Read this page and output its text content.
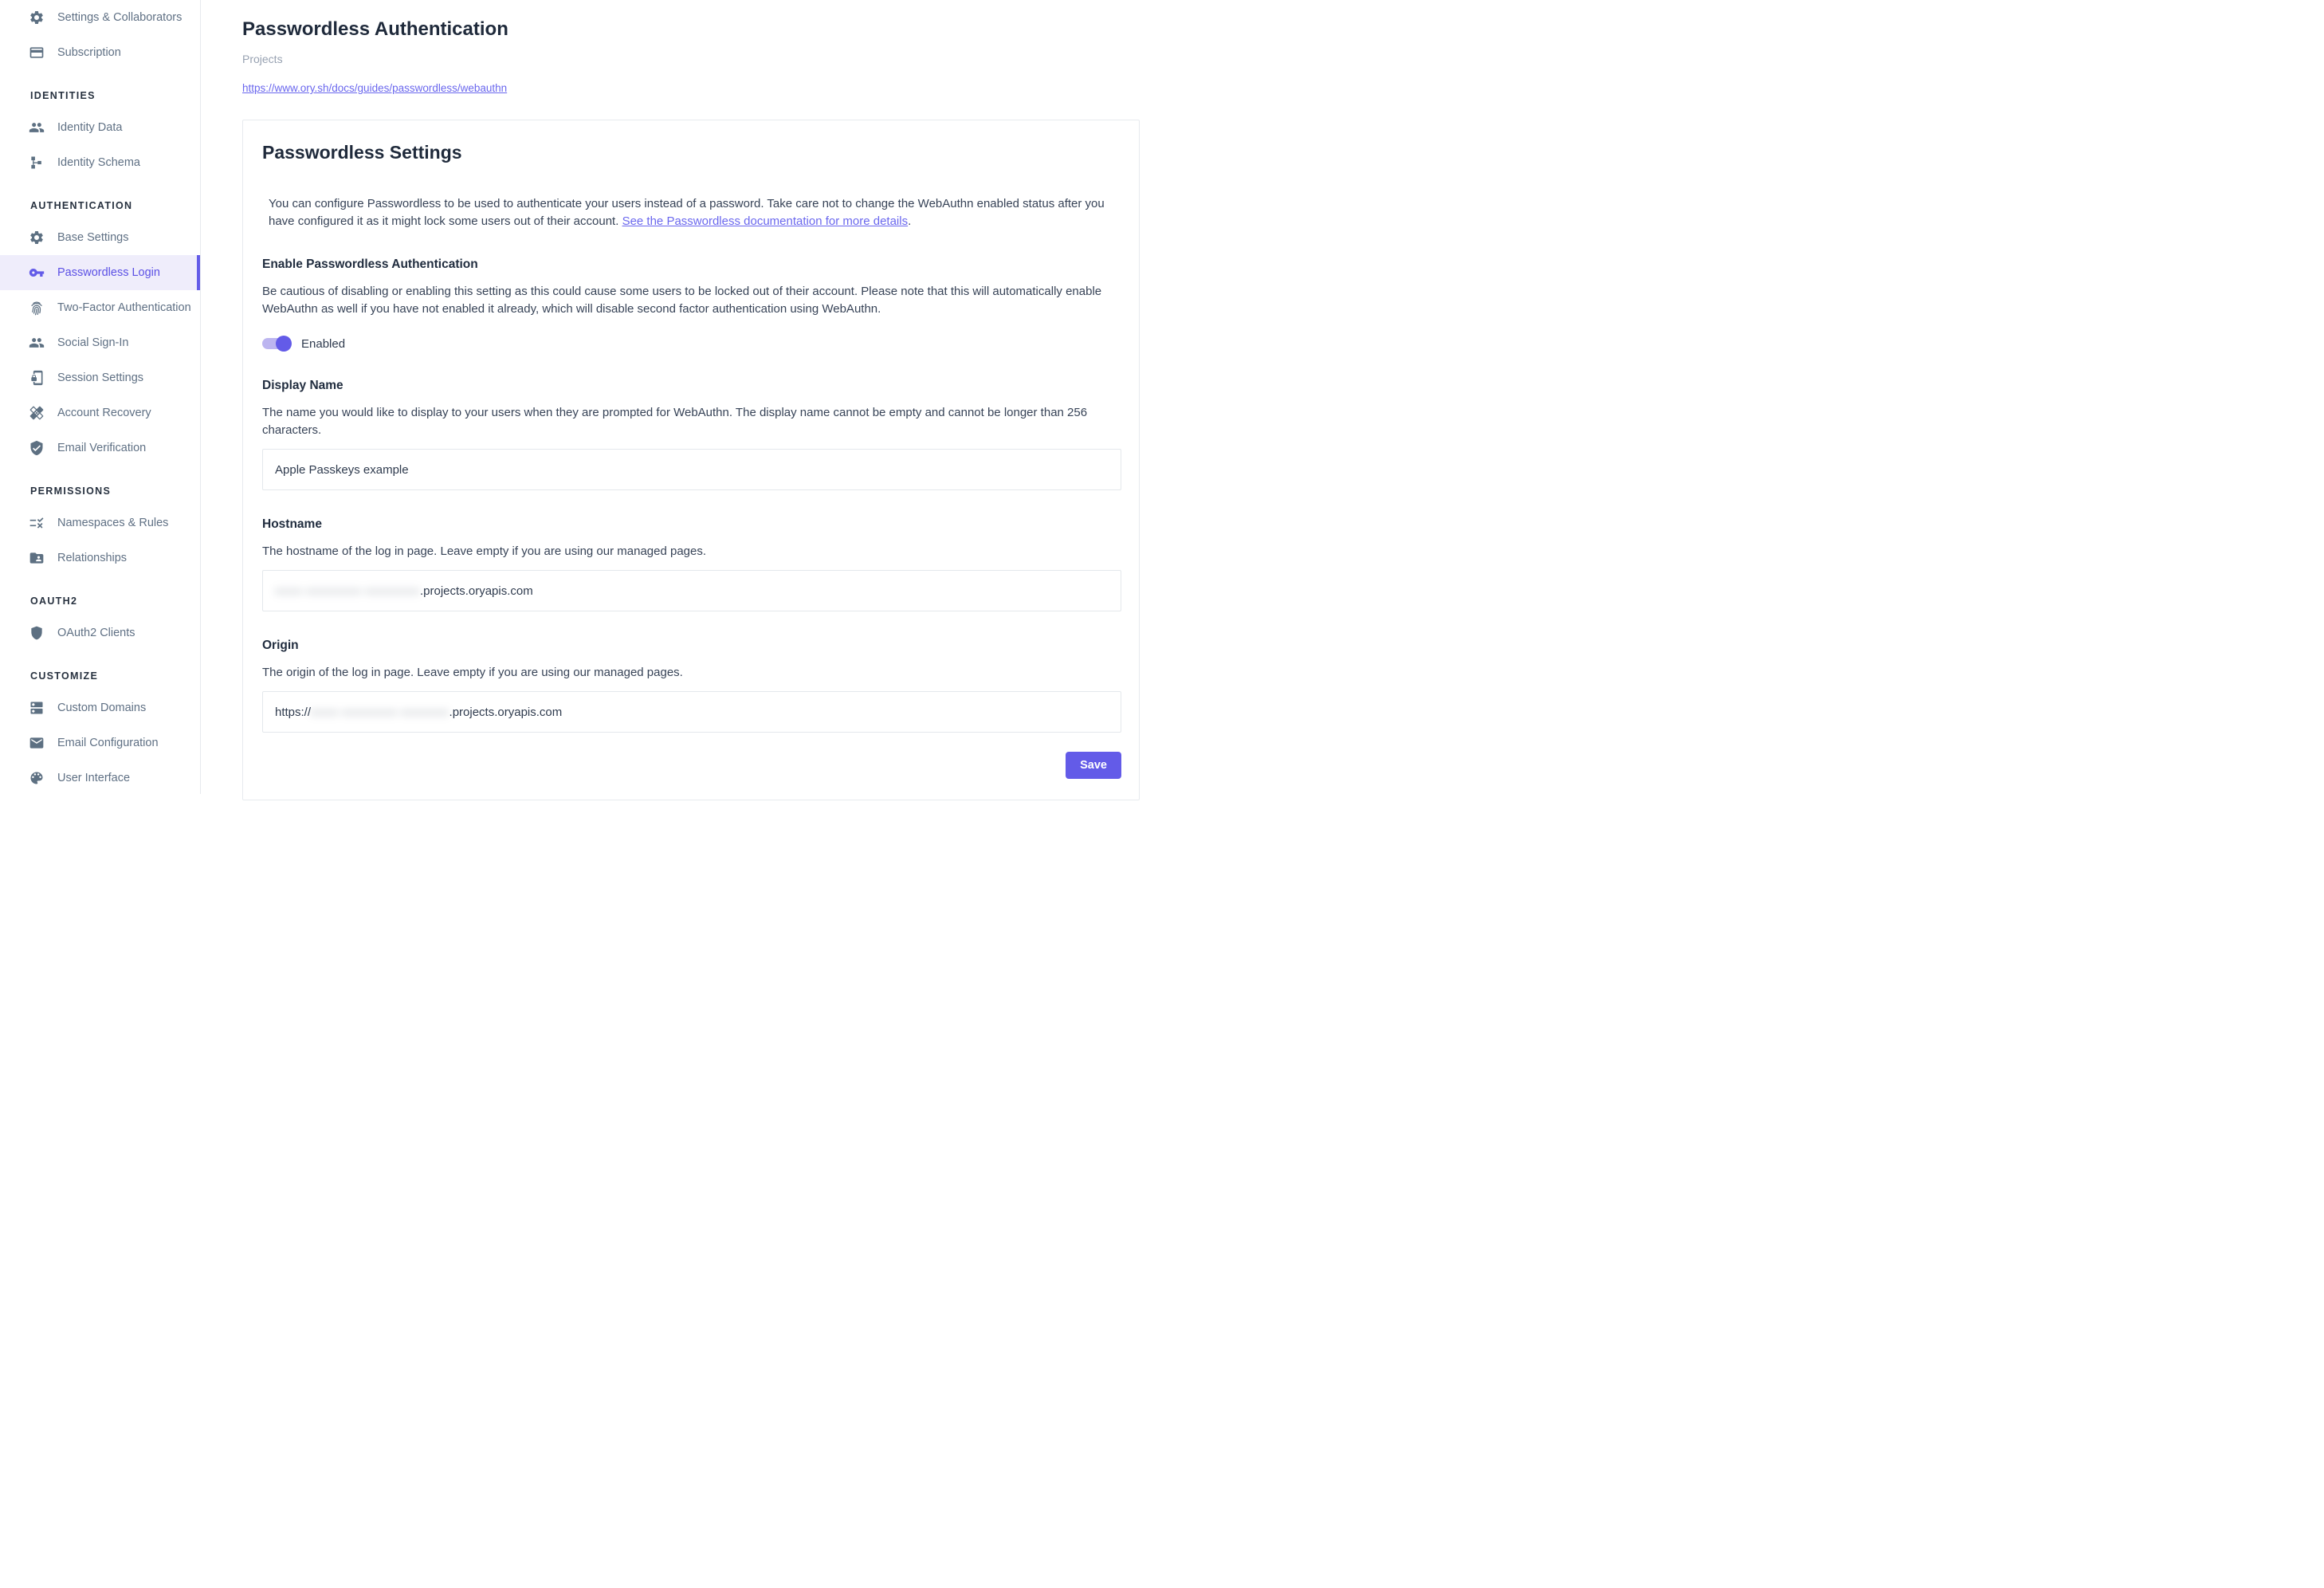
Settings & Collaborators
Subscription
IDENTITIES
Identity Data
Identity Schema
AUTHENTICATION
Base Settings
Passwordless Login
Two-Factor Authentication
Social Sign-In
Session Settings
Account Recovery
Email Verification
PERMISSIONS
Namespaces & Rules
Relationships
OAUTH2
OAuth2 Clients
CUSTOMIZE
Custom Domains
Email Configuration
User Interface
Passwordless Authentication
Projects
https://www.ory.sh/docs/guides/passwordless/webauthn
Passwordless Settings

You can configure Passwordless to be used to authenticate your users instead of a password. Take care not to change the WebAuthn enabled status after you have configured it as it might lock some users out of their account. See the Passwordless documentation for more details.

Enable Passwordless Authentication

Be cautious of disabling or enabling this setting as this could cause some users to be locked out of their account. Please note that this will automatically enable WebAuthn as well if you have not enabled it already, which will disable second factor authentication using WebAuthn.

Enabled
Display Name

The name you would like to display to your users when they are prompted for WebAuthn. The display name cannot be empty and cannot be longer than 256 characters.

Apple Passkeys example
Hostname

The hostname of the log in page. Leave empty if you are using our managed pages.

xxxx-xxxxxxxx-xxxxxxxx .projects.oryapis.com
Origin

The origin of the log in page. Leave empty if you are using our managed pages.

https:// xxxx-xxxxxxxx-xxxxxxx .projects.oryapis.com
Save
